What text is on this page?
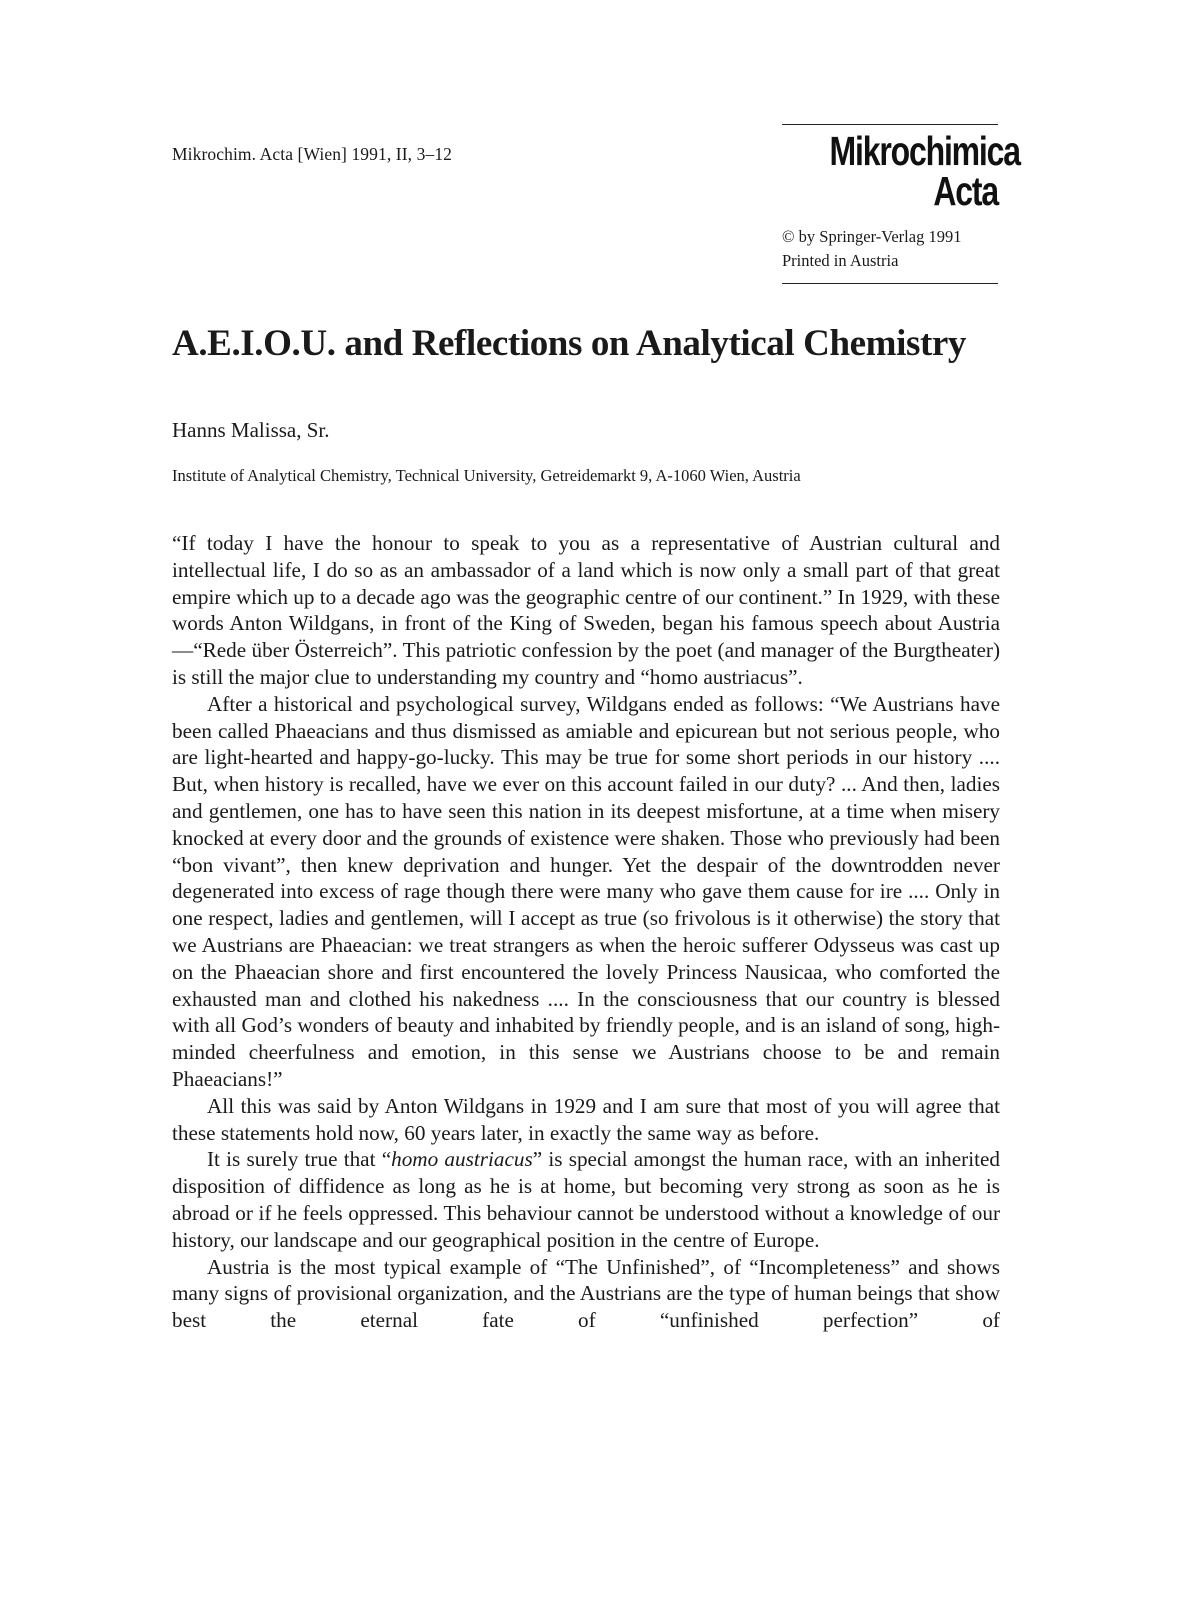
Mikrochim. Acta [Wien] 1991, II, 3–12	Mikrochimica
Acta
© by Springer-Verlag 1991
Printed in Austria
A.E.I.O.U. and Reflections on Analytical Chemistry
Hanns Malissa, Sr.
Institute of Analytical Chemistry, Technical University, Getreidemarkt 9, A-1060 Wien, Austria

“If today I have the honour to speak to you as a representative of Austrian cultural and intellectual life, I do so as an ambassador of a land which is now only a small part of that great empire which up to a decade ago was the geographic centre of our continent.” In 1929, with these words Anton Wildgans, in front of the King of Sweden, began his famous speech about Austria—“Rede über Österreich”. This patriotic confession by the poet (and manager of the Burgtheater) is still the major clue to understanding my country and “homo austriacus”.

After a historical and psychological survey, Wildgans ended as follows: “We Austrians have been called Phaeacians and thus dismissed as amiable and epicurean but not serious people, who are light-hearted and happy-go-lucky. This may be true for some short periods in our history .... But, when history is recalled, have we ever on this account failed in our duty? ... And then, ladies and gentlemen, one has to have seen this nation in its deepest misfortune, at a time when misery knocked at every door and the grounds of existence were shaken. Those who previously had been “bon vivant”, then knew deprivation and hunger. Yet the despair of the downtrodden never degenerated into excess of rage though there were many who gave them cause for ire .... Only in one respect, ladies and gentlemen, will I accept as true (so frivolous is it otherwise) the story that we Austrians are Phaeacian: we treat strangers as when the heroic sufferer Odysseus was cast up on the Phaeacian shore and first encountered the lovely Princess Nausicaa, who comforted the exhausted man and clothed his nakedness .... In the consciousness that our country is blessed with all God’s wonders of beauty and inhabited by friendly people, and is an island of song, high-minded cheerfulness and emotion, in this sense we Austrians choose to be and remain Phaeacians!”

All this was said by Anton Wildgans in 1929 and I am sure that most of you will agree that these statements hold now, 60 years later, in exactly the same way as before.

It is surely true that “homo austriacus” is special amongst the human race, with an inherited disposition of diffidence as long as he is at home, but becoming very strong as soon as he is abroad or if he feels oppressed. This behaviour cannot be understood without a knowledge of our history, our landscape and our geographical position in the centre of Europe.

Austria is the most typical example of “The Unfinished”, of “Incompleteness” and shows many signs of provisional organization, and the Austrians are the type of human beings that show best the eternal fate of “unfinished perfection” of
